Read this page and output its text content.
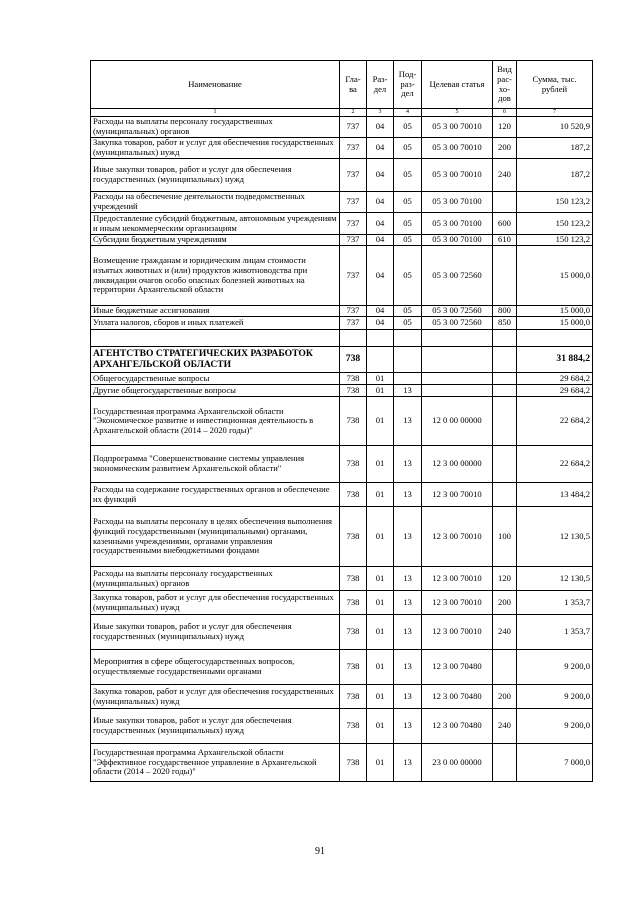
Наименование	Гла-ва	Раз-дел	Под-раз-дел	Целевая статья	Вид рас-хо-дов	Сумма, тыс. рублей
1	2	3	4	5	6	7
Расходы на выплаты персоналу государственных (муниципальных) органов	737	04	05	05 3 00 70010	120	10 520,9
Закупка товаров, работ и услуг для обеспечения государственных (муниципальных) нужд	737	04	05	05 3 00 70010	200	187,2
Иные закупки товаров, работ и услуг для обеспечения государственных (муниципальных) нужд	737	04	05	05 3 00 70010	240	187,2
Расходы на обеспечение деятельности подведомственных учреждений	737	04	05	05 3 00 70100		150 123,2
Предоставление субсидий бюджетным, автономным учреждениям и иным некоммерческим организациям	737	04	05	05 3 00 70100	600	150 123,2
Субсидии бюджетным учреждениям	737	04	05	05 3 00 70100	610	150 123,2
Возмещение гражданам и юридическим лицам стоимости изъятых животных и (или) продуктов животноводства при ликвидации очагов особо опасных болезней животных на территории Архангельской области	737	04	05	05 3 00 72560		15 000,0
Иные бюджетные ассигнования	737	04	05	05 3 00 72560	800	15 000,0
Уплата налогов, сборов и иных платежей	737	04	05	05 3 00 72560	850	15 000,0

АГЕНТСТВО СТРАТЕГИЧЕСКИХ РАЗРАБОТОК АРХАНГЕЛЬСКОЙ ОБЛАСТИ	738					31 884,2
Общегосударственные вопросы	738	01				29 684,2
Другие общегосударственные вопросы	738	01	13			29 684,2
Государственная программа Архангельской области "Экономическое развитие и инвестиционная деятельность в Архангельской области (2014 – 2020 годы)"	738	01	13	12 0 00 00000		22 684,2
Подпрограмма "Совершенствование системы управления экономическим развитием Архангельской области"	738	01	13	12 3 00 00000		22 684,2
Расходы на содержание государственных органов и обеспечение их функций	738	01	13	12 3 00 70010		13 484,2
Расходы на выплаты персоналу в целях обеспечения выполнения функций государственными (муниципальными) органами, казенными учреждениями, органами управления государственными внебюджетными фондами	738	01	13	12 3 00 70010	100	12 130,5
Расходы на выплаты персоналу государственных (муниципальных) органов	738	01	13	12 3 00 70010	120	12 130,5
Закупка товаров, работ и услуг для обеспечения государственных (муниципальных) нужд	738	01	13	12 3 00 70010	200	1 353,7
Иные закупки товаров, работ и услуг для обеспечения государственных (муниципальных) нужд	738	01	13	12 3 00 70010	240	1 353,7
Мероприятия в сфере общегосударственных вопросов, осуществляемые государственными органами	738	01	13	12 3 00 70480		9 200,0
Закупка товаров, работ и услуг для обеспечения государственных (муниципальных) нужд	738	01	13	12 3 00 70480	200	9 200,0
Иные закупки товаров, работ и услуг для обеспечения государственных (муниципальных) нужд	738	01	13	12 3 00 70480	240	9 200,0
Государственная программа Архангельской области "Эффективное государственное управление в Архангельской области (2014 – 2020 годы)"	738	01	13	23 0 00 00000		7 000,0
91
